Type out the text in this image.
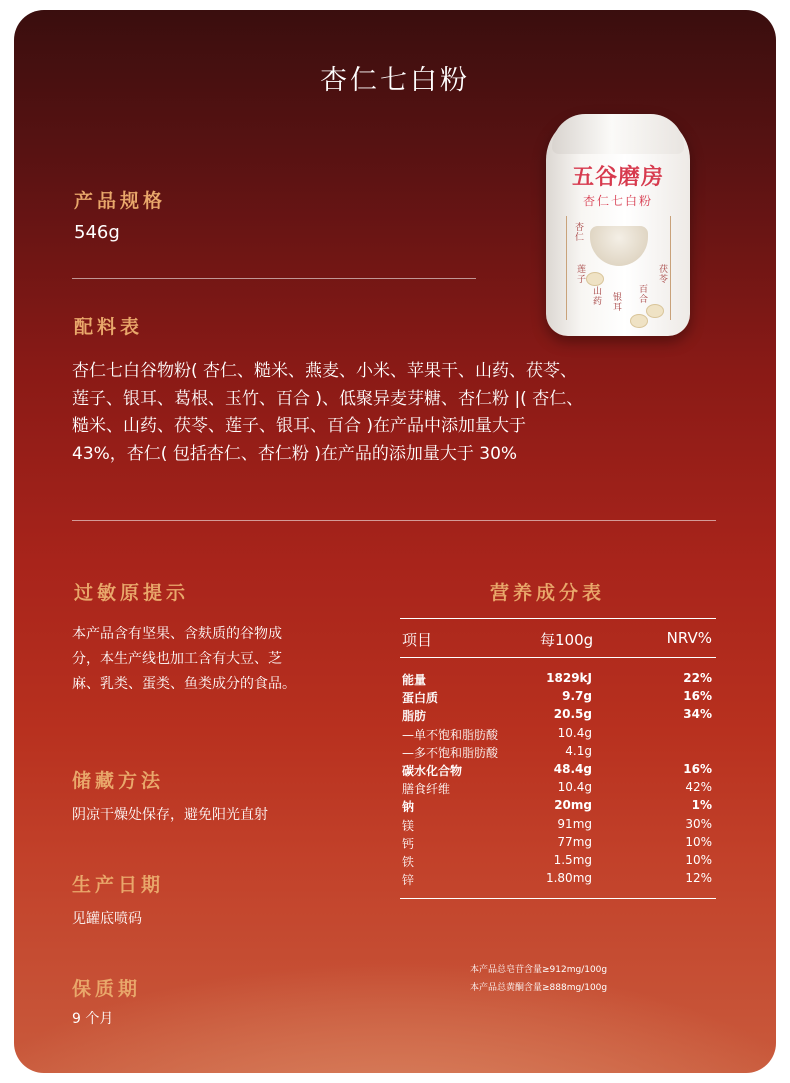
杏仁七白粉
五谷磨房
杏仁七白粉
杏仁
莲子
山药 银耳 百合
茯苓
产品规格
546g
配料表
杏仁七白谷物粉( 杏仁、糙米、燕麦、小米、苹果干、山药、茯苓、
莲子、银耳、葛根、玉竹、百合 )、低聚异麦芽糖、杏仁粉 |( 杏仁、
糙米、山药、茯苓、莲子、银耳、百合 )在产品中添加量大于
43%，杏仁( 包括杏仁、杏仁粉 )在产品的添加量大于 30%
过敏原提示
本产品含有坚果、含麸质的谷物成
分，本生产线也加工含有大豆、芝
麻、乳类、蛋类、鱼类成分的食品。
储藏方法
阴凉干燥处保存，避免阳光直射
生产日期
见罐底喷码
保质期
9 个月
营养成分表
项目	每100g	NRV%
能量	1829kJ	22%
蛋白质	9.7g	16%
脂肪	20.5g	34%
—单不饱和脂肪酸	10.4g
—多不饱和脂肪酸	4.1g
碳水化合物	48.4g	16%
膳食纤维	10.4g	42%
钠	20mg	1%
镁	91mg	30%
钙	77mg	10%
铁	1.5mg	10%
锌	1.80mg	12%
本产品总皂苷含量≥912mg/100g
本产品总黄酮含量≥888mg/100g
